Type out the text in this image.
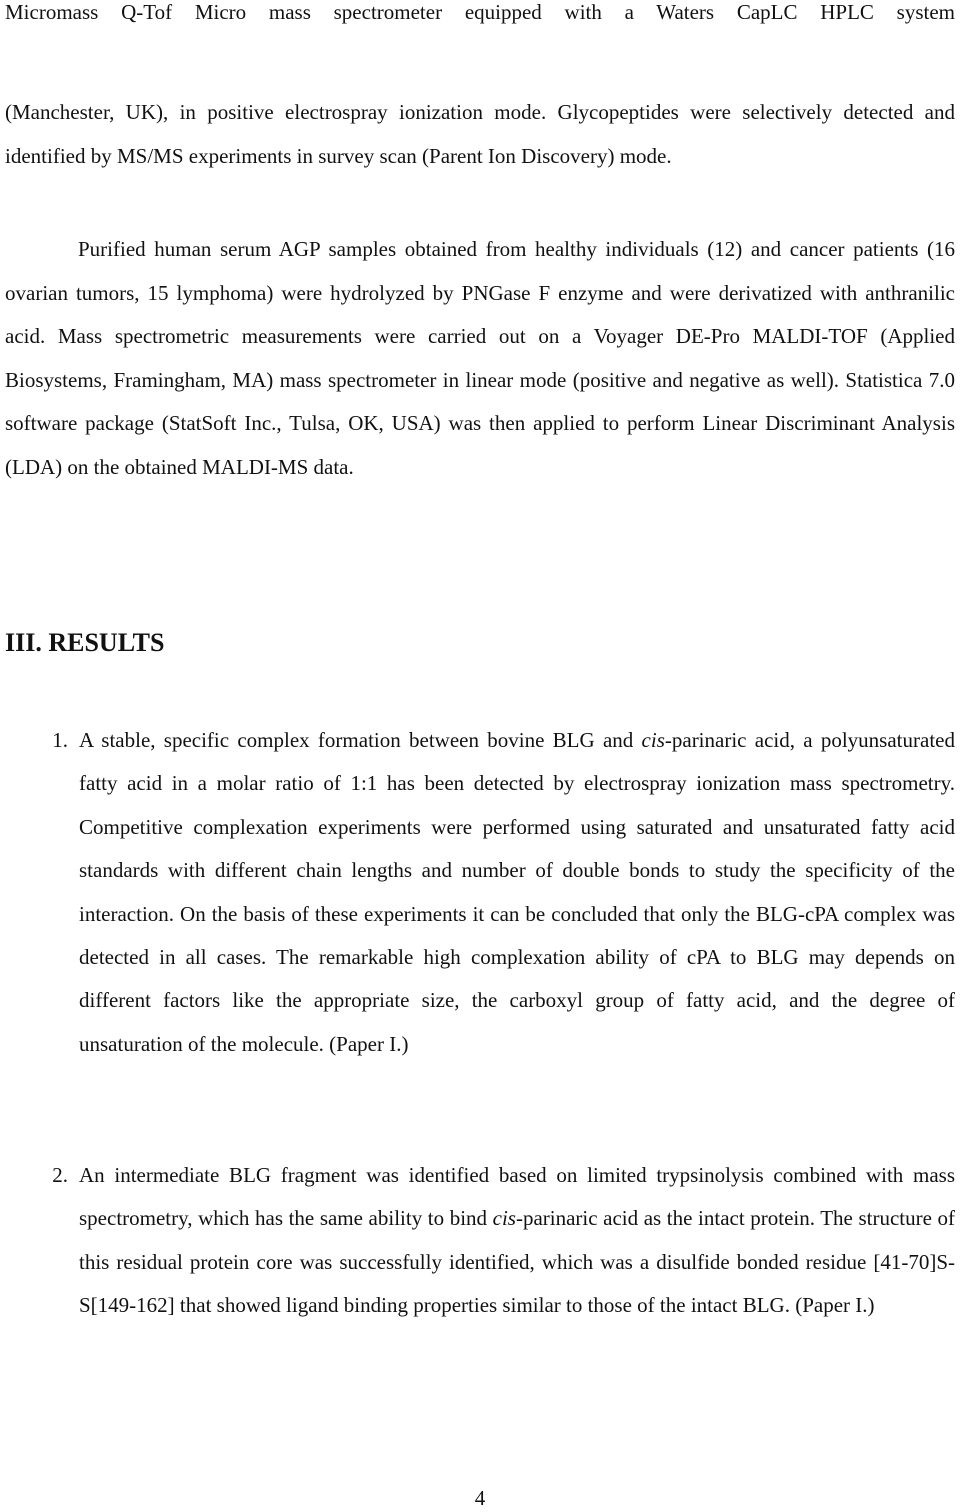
Micromass Q-Tof Micro mass spectrometer equipped with a Waters CapLC HPLC system

(Manchester, UK), in positive electrospray ionization mode. Glycopeptides were selectively detected and identified by MS/MS experiments in survey scan (Parent Ion Discovery) mode.

Purified human serum AGP samples obtained from healthy individuals (12) and cancer patients (16 ovarian tumors, 15 lymphoma) were hydrolyzed by PNGase F enzyme and were derivatized with anthranilic acid. Mass spectrometric measurements were carried out on a Voyager DE-Pro MALDI-TOF (Applied Biosystems, Framingham, MA) mass spectrometer in linear mode (positive and negative as well). Statistica 7.0 software package (StatSoft Inc., Tulsa, OK, USA) was then applied to perform Linear Discriminant Analysis (LDA) on the obtained MALDI-MS data.

III. RESULTS
1. A stable, specific complex formation between bovine BLG and cis-parinaric acid, a polyunsaturated fatty acid in a molar ratio of 1:1 has been detected by electrospray ionization mass spectrometry. Competitive complexation experiments were performed using saturated and unsaturated fatty acid standards with different chain lengths and number of double bonds to study the specificity of the interaction. On the basis of these experiments it can be concluded that only the BLG-cPA complex was detected in all cases. The remarkable high complexation ability of cPA to BLG may depends on different factors like the appropriate size, the carboxyl group of fatty acid, and the degree of unsaturation of the molecule. (Paper I.)
2. An intermediate BLG fragment was identified based on limited trypsinolysis combined with mass spectrometry, which has the same ability to bind cis-parinaric acid as the intact protein. The structure of this residual protein core was successfully identified, which was a disulfide bonded residue [41-70]S-S[149-162] that showed ligand binding properties similar to those of the intact BLG. (Paper I.)
4
